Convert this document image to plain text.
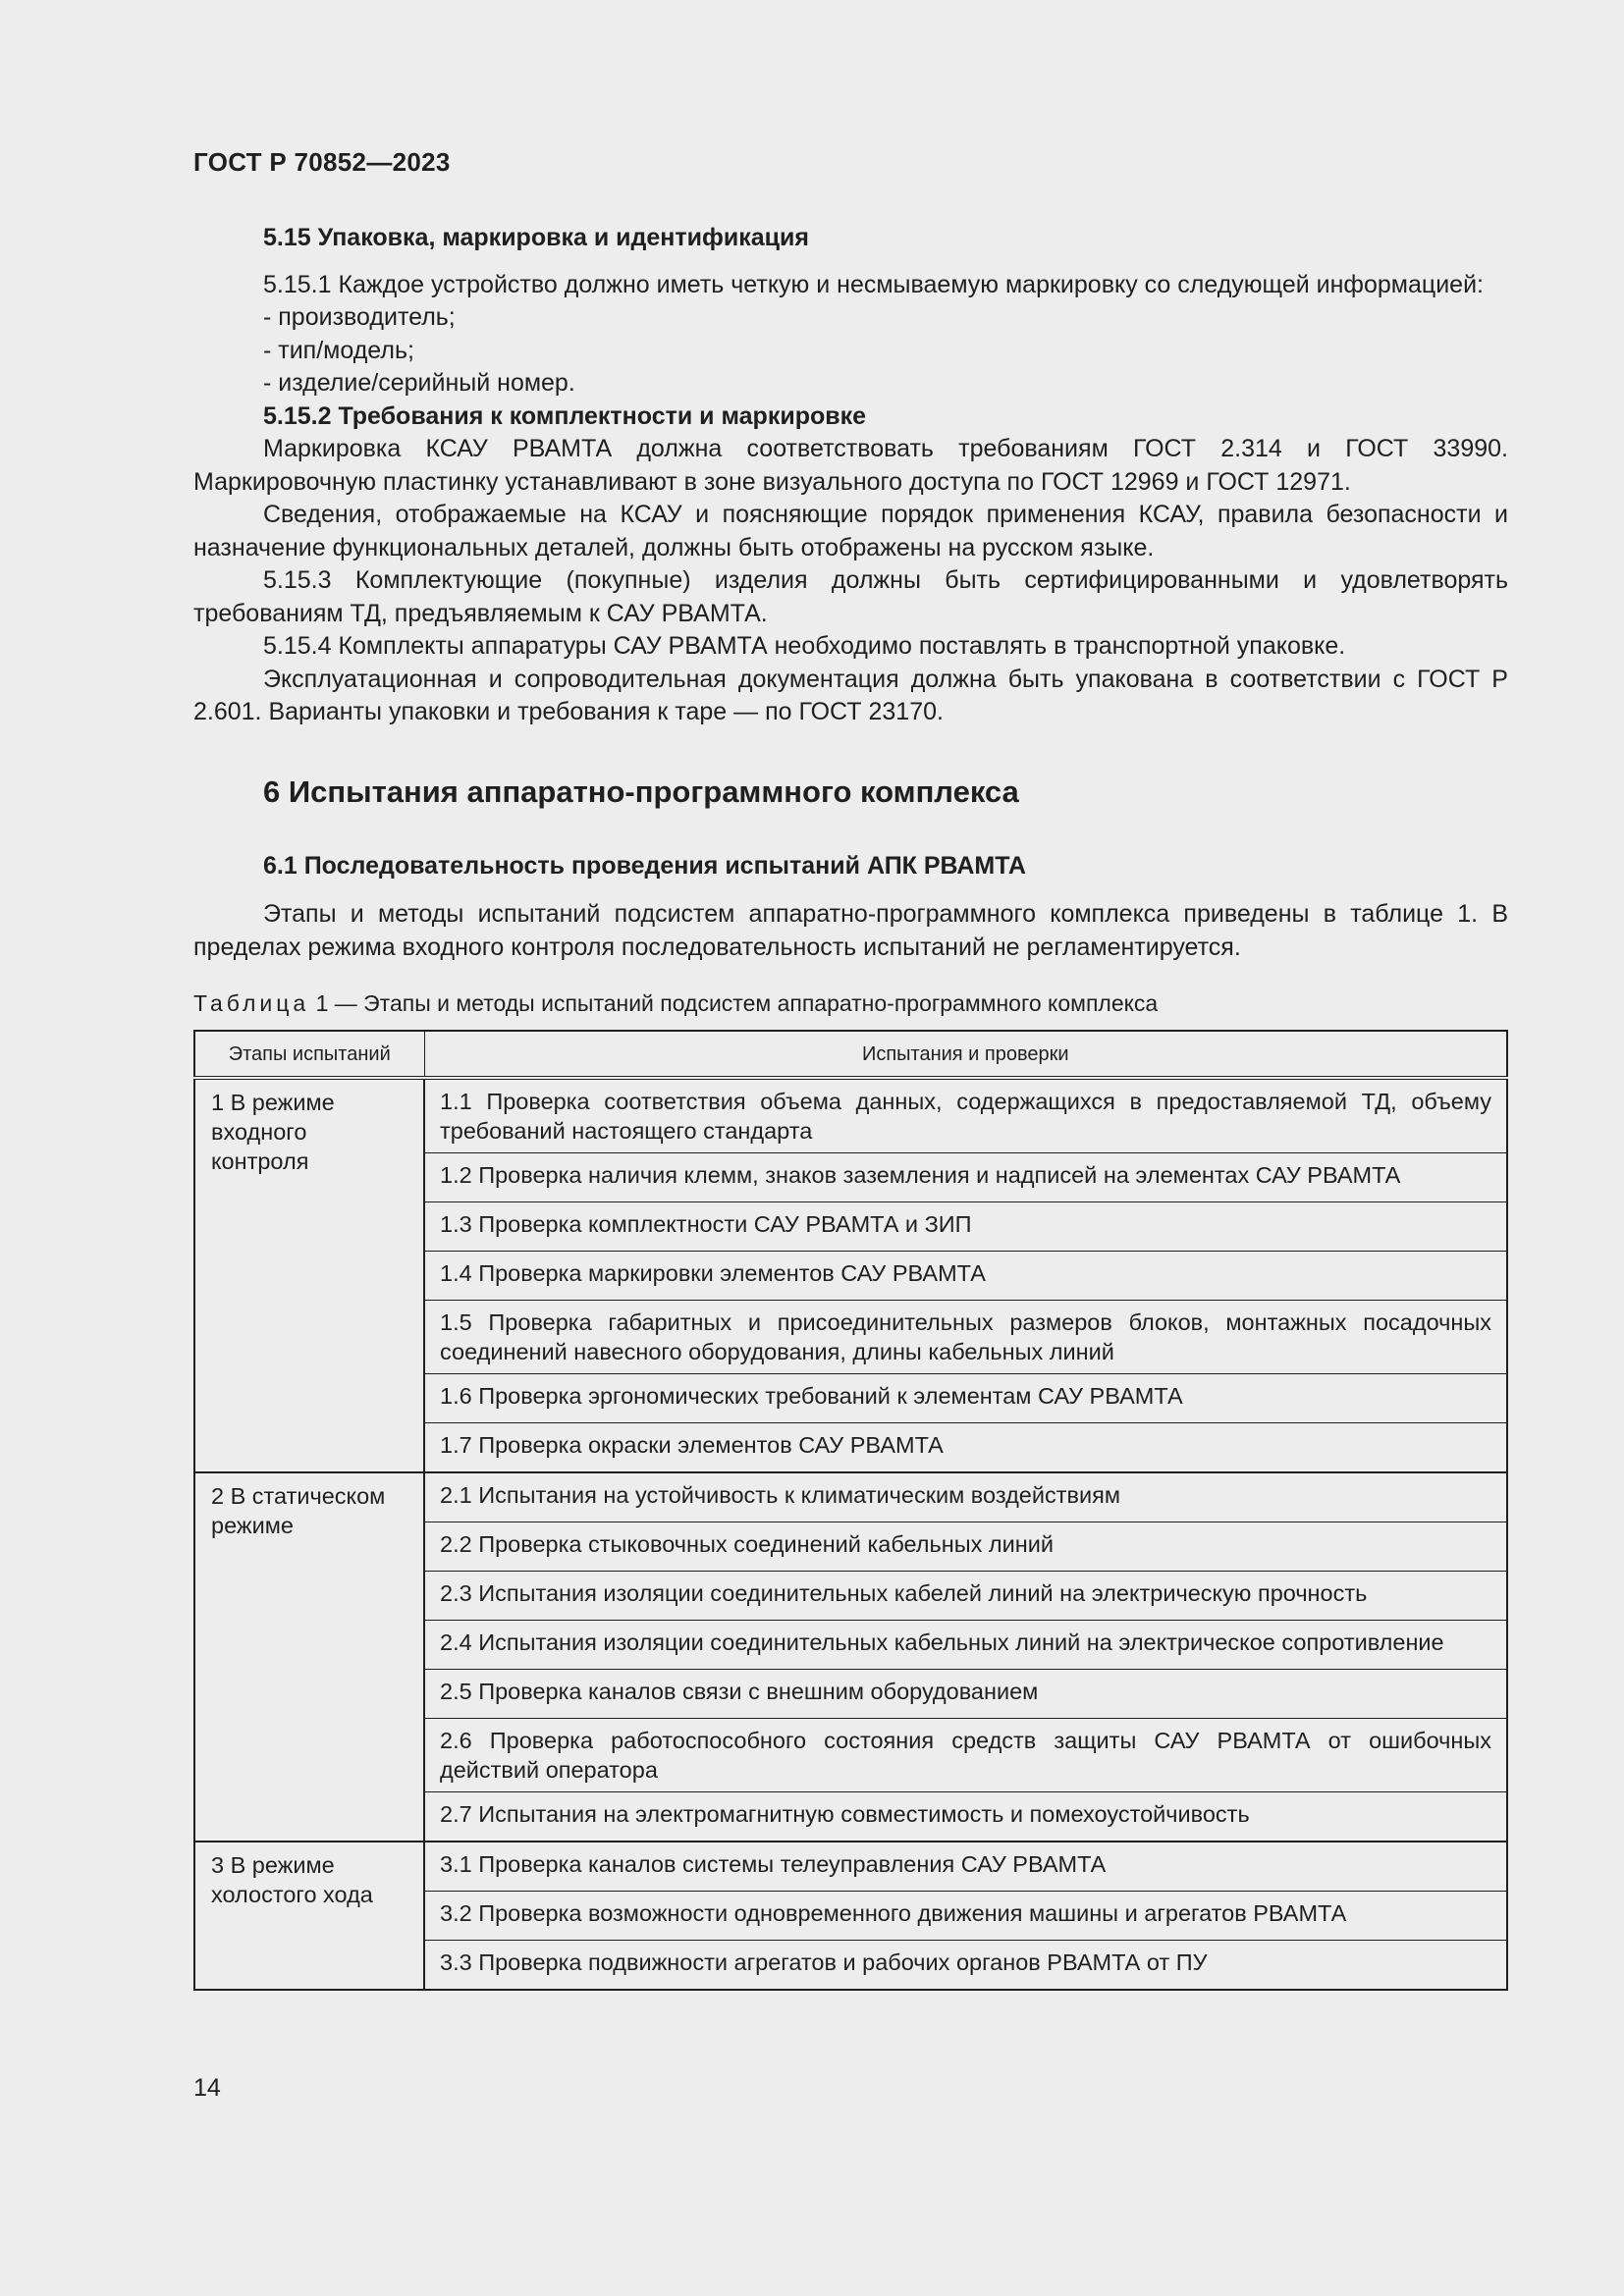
ГОСТ Р 70852—2023
5.15 Упаковка, маркировка и идентификация

5.15.1 Каждое устройство должно иметь четкую и несмываемую маркировку со следующей информацией:

- производитель;
- тип/модель;
- изделие/серийный номер.
5.15.2 Требования к комплектности и маркировке

Маркировка КСАУ РВАМТА должна соответствовать требованиям ГОСТ 2.314 и ГОСТ 33990. Маркировочную пластинку устанавливают в зоне визуального доступа по ГОСТ 12969 и ГОСТ 12971.

Сведения, отображаемые на КСАУ и поясняющие порядок применения КСАУ, правила безопасности и назначение функциональных деталей, должны быть отображены на русском языке.

5.15.3 Комплектующие (покупные) изделия должны быть сертифицированными и удовлетворять требованиям ТД, предъявляемым к САУ РВАМТА.

5.15.4 Комплекты аппаратуры САУ РВАМТА необходимо поставлять в транспортной упаковке.

Эксплуатационная и сопроводительная документация должна быть упакована в соответствии с ГОСТ Р 2.601. Варианты упаковки и требования к таре — по ГОСТ 23170.

6 Испытания аппаратно-программного комплекса
6.1 Последовательность проведения испытаний АПК РВАМТА

Этапы и методы испытаний подсистем аппаратно-программного комплекса приведены в таблице 1. В пределах режима входного контроля последовательность испытаний не регламентируется.

Таблица 1 — Этапы и методы испытаний подсистем аппаратно-программного комплекса
Этапы испытаний	Испытания и проверки
1 В режиме входного контроля	1.1 Проверка соответствия объема данных, содержащихся в предоставляемой ТД, объему требований настоящего стандарта
	1.2 Проверка наличия клемм, знаков заземления и надписей на элементах САУ РВАМТА
	1.3 Проверка комплектности САУ РВАМТА и ЗИП
	1.4 Проверка маркировки элементов САУ РВАМТА
	1.5 Проверка габаритных и присоединительных размеров блоков, монтажных посадочных соединений навесного оборудования, длины кабельных линий
	1.6 Проверка эргономических требований к элементам САУ РВАМТА
	1.7 Проверка окраски элементов САУ РВАМТА
2 В статическом режиме	2.1 Испытания на устойчивость к климатическим воздействиям
	2.2 Проверка стыковочных соединений кабельных линий
	2.3 Испытания изоляции соединительных кабелей линий на электрическую прочность
	2.4 Испытания изоляции соединительных кабельных линий на электрическое сопротивление
	2.5 Проверка каналов связи с внешним оборудованием
	2.6 Проверка работоспособного состояния средств защиты САУ РВАМТА от ошибочных действий оператора
	2.7 Испытания на электромагнитную совместимость и помехоустойчивость
3 В режиме холостого хода	3.1 Проверка каналов системы телеуправления САУ РВАМТА
	3.2 Проверка возможности одновременного движения машины и агрегатов РВАМТА
	3.3 Проверка подвижности агрегатов и рабочих органов РВАМТА от ПУ
14
